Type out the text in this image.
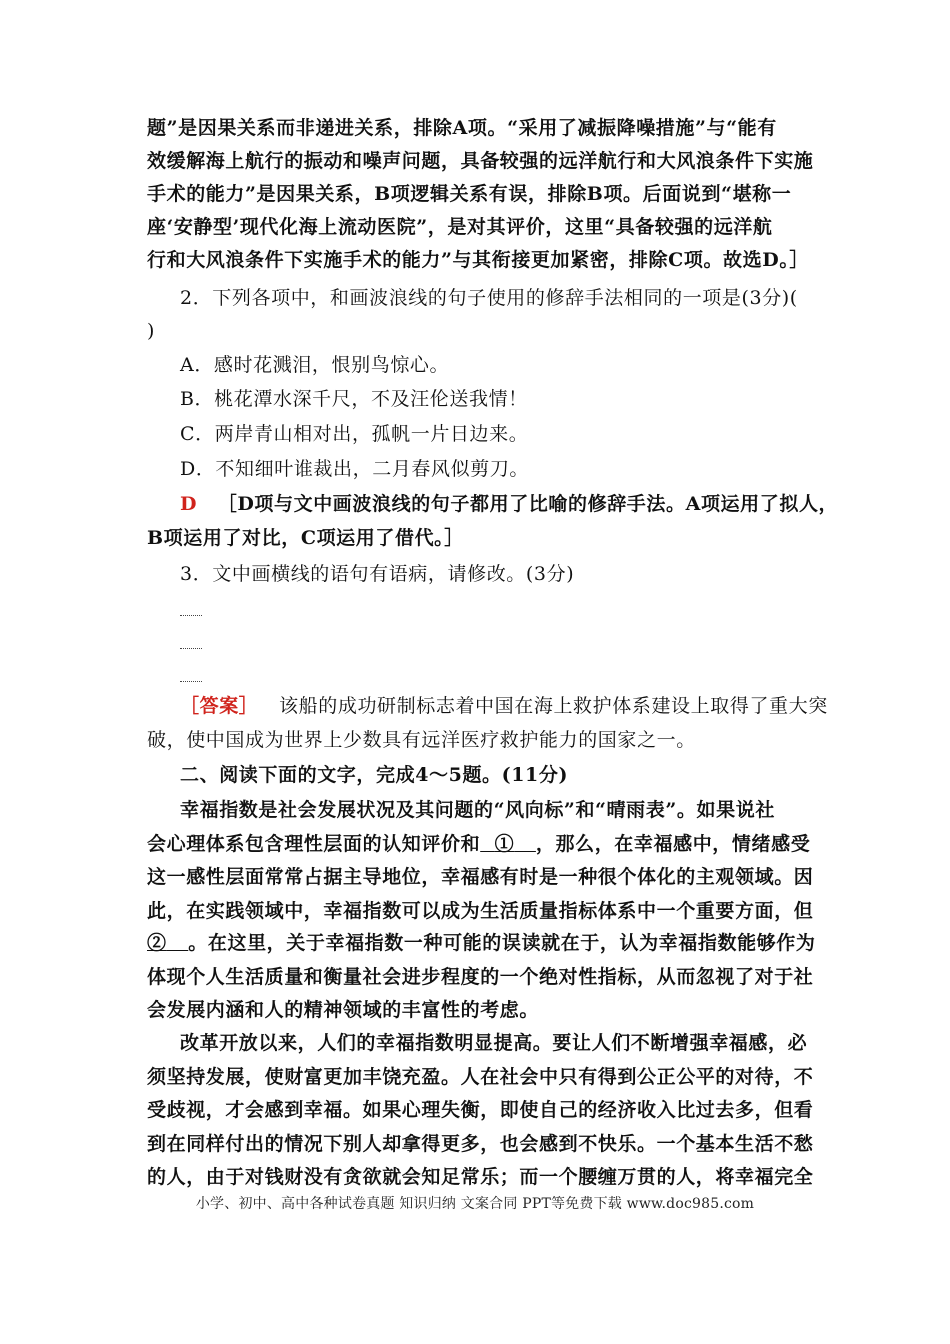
题”是因果关系而非递进关系，排除A项。“采用了减振降噪措施”与“能有
效缓解海上航行的振动和噪声问题，具备较强的远洋航行和大风浪条件下实施
手术的能力”是因果关系，B项逻辑关系有误，排除B项。后面说到“堪称一
座‘安静型’现代化海上流动医院”，是对其评价，这里“具备较强的远洋航
行和大风浪条件下实施手术的能力”与其衔接更加紧密，排除C项。故选D。］
2．下列各项中，和画波浪线的句子使用的修辞手法相同的一项是(3分)(
)
A．感时花溅泪，恨别鸟惊心。
B．桃花潭水深千尺，不及汪伦送我情！
C．两岸青山相对出，孤帆一片日边来。
D．不知细叶谁裁出，二月春风似剪刀。
D ［D项与文中画波浪线的句子都用了比喻的修辞手法。A项运用了拟人，
B项运用了对比，C项运用了借代。］
3．文中画横线的语句有语病，请修改。(3分)
［答案］ 该船的成功研制标志着中国在海上救护体系建设上取得了重大突
破，使中国成为世界上少数具有远洋医疗救护能力的国家之一。
二、阅读下面的文字，完成4～5题。(11分)
幸福指数是社会发展状况及其问题的“风向标”和“晴雨表”。如果说社
会心理体系包含理性层面的认知评价和 ① ，那么，在幸福感中，情绪感受
这一感性层面常常占据主导地位，幸福感有时是一种很个体化的主观领域。因
此，在实践领域中，幸福指数可以成为生活质量指标体系中一个重要方面，但
② 。在这里，关于幸福指数一种可能的误读就在于，认为幸福指数能够作为
体现个人生活质量和衡量社会进步程度的一个绝对性指标，从而忽视了对于社
会发展内涵和人的精神领域的丰富性的考虑。
改革开放以来，人们的幸福指数明显提高。要让人们不断增强幸福感，必
须坚持发展，使财富更加丰饶充盈。人在社会中只有得到公正公平的对待，不
受歧视，才会感到幸福。如果心理失衡，即使自己的经济收入比过去多，但看
到在同样付出的情况下别人却拿得更多，也会感到不快乐。一个基本生活不愁
的人，由于对钱财没有贪欲就会知足常乐；而一个腰缠万贯的人，将幸福完全
小学、初中、高中各种试卷真题 知识归纳 文案合同 PPT等免费下载 www.doc985.com
